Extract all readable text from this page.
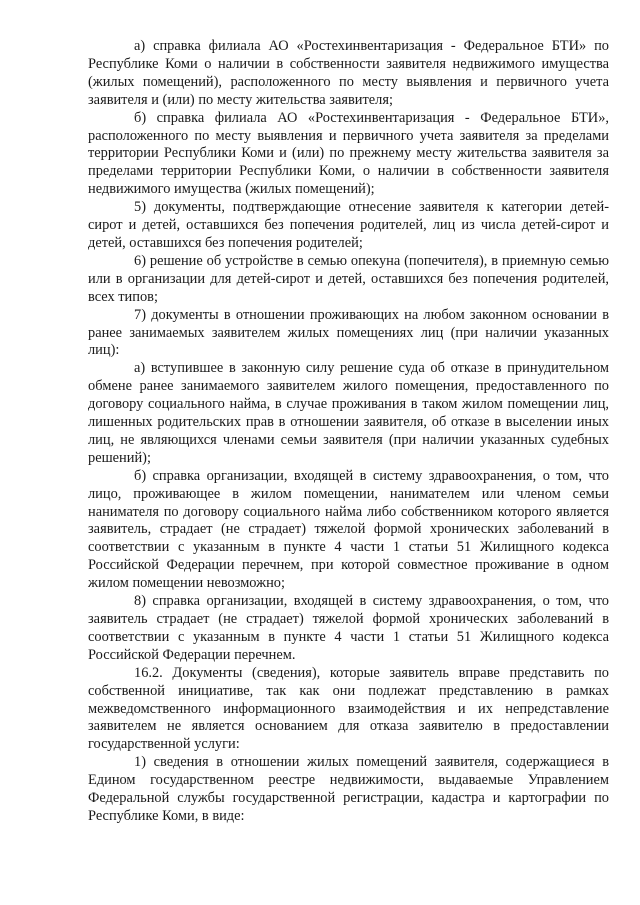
а) справка филиала АО «Ростехинвентаризация - Федеральное БТИ» по Республике Коми о наличии в собственности заявителя недвижимого имущества (жилых помещений), расположенного по месту выявления и первичного учета заявителя и (или) по месту жительства заявителя;

б) справка филиала АО «Ростехинвентаризация - Федеральное БТИ», расположенного по месту выявления и первичного учета заявителя за пределами территории Республики Коми и (или) по прежнему месту жительства заявителя за пределами территории Республики Коми, о наличии в собственности заявителя недвижимого имущества (жилых помещений);

5) документы, подтверждающие отнесение заявителя к категории детей-сирот и детей, оставшихся без попечения родителей, лиц из числа детей-сирот и детей, оставшихся без попечения родителей;

6) решение об устройстве в семью опекуна (попечителя), в приемную семью или в организации для детей-сирот и детей, оставшихся без попечения родителей, всех типов;

7) документы в отношении проживающих на любом законном основании в ранее занимаемых заявителем жилых помещениях лиц (при наличии указанных лиц):

а) вступившее в законную силу решение суда об отказе в принудительном обмене ранее занимаемого заявителем жилого помещения, предоставленного по договору социального найма, в случае проживания в таком жилом помещении лиц, лишенных родительских прав в отношении заявителя, об отказе в выселении иных лиц, не являющихся членами семьи заявителя (при наличии указанных судебных решений);

б) справка организации, входящей в систему здравоохранения, о том, что лицо, проживающее в жилом помещении, нанимателем или членом семьи нанимателя по договору социального найма либо собственником которого является заявитель, страдает (не страдает) тяжелой формой хронических заболеваний в соответствии с указанным в пункте 4 части 1 статьи 51 Жилищного кодекса Российской Федерации перечнем, при которой совместное проживание в одном жилом помещении невозможно;

8) справка организации, входящей в систему здравоохранения, о том, что заявитель страдает (не страдает) тяжелой формой хронических заболеваний в соответствии с указанным в пункте 4 части 1 статьи 51 Жилищного кодекса Российской Федерации перечнем.

16.2. Документы (сведения), которые заявитель вправе представить по собственной инициативе, так как они подлежат представлению в рамках межведомственного информационного взаимодействия и их непредставление заявителем не является основанием для отказа заявителю в предоставлении государственной услуги:

1) сведения в отношении жилых помещений заявителя, содержащиеся в Едином государственном реестре недвижимости, выдаваемые Управлением Федеральной службы государственной регистрации, кадастра и картографии по Республике Коми, в виде:
